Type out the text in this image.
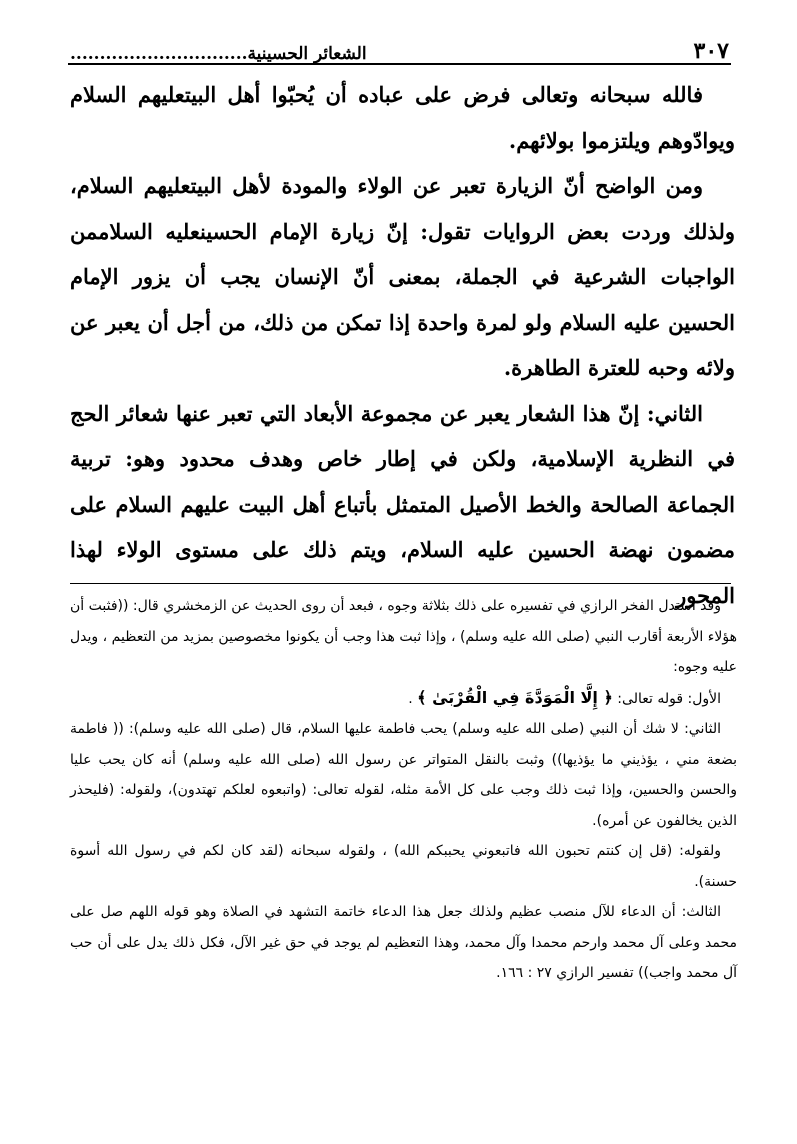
٣٠٧
الشعائر الحسينية..............................

فالله سبحانه وتعالى فرض على عباده أن يُحبّوا أهل البيتعليهم السلام ويوادّوهم ويلتزموا بولائهم.

ومن الواضح أنّ الزيارة تعبر عن الولاء والمودة لأهل البيتعليهم السلام، ولذلك وردت بعض الروايات تقول: إنّ زيارة الإمام الحسينعليه السلاممن الواجبات الشرعية في الجملة، بمعنى أنّ الإنسان يجب أن يزور الإمام الحسين عليه السلام ولو لمرة واحدة إذا تمكن من ذلك، من أجل أن يعبر عن ولائه وحبه للعترة الطاهرة.

الثاني: إنّ هذا الشعار يعبر عن مجموعة الأبعاد التي تعبر عنها شعائر الحج في النظرية الإسلامية، ولكن في إطار خاص وهدف محدود وهو: تربية الجماعة الصالحة والخط الأصيل المتمثل بأتباع أهل البيت عليهم السلام على مضمون نهضة الحسين عليه السلام، ويتم ذلك على مستوى الولاء لهذا المحور

وقد استدل الفخر الرازي في تفسيره على ذلك بثلاثة وجوه ، فبعد أن روى الحديث عن الزمخشري قال: ((فثبت أن هؤلاء الأربعة أقارب النبي (صلى الله عليه وسلم) ، وإذا ثبت هذا وجب أن يكونوا مخصوصين بمزيد من التعظيم ، ويدل عليه وجوه:

الأول: قوله تعالى: ﴿ إِلَّا الْمَوَدَّةَ فِي الْقُرْبَىٰ ﴾ .

الثاني: لا شك أن النبي (صلى الله عليه وسلم) يحب فاطمة عليها السلام، قال (صلى الله عليه وسلم): (( فاطمة بضعة مني ، يؤذيني ما يؤذيها)) وثبت بالنقل المتواتر عن رسول الله (صلى الله عليه وسلم) أنه كان يحب عليا والحسن والحسين، وإذا ثبت ذلك وجب على كل الأمة مثله، لقوله تعالى: (واتبعوه لعلكم تهتدون)، ولقوله: (فليحذر الذين يخالفون عن أمره).

ولقوله: (قل إن كنتم تحبون الله فاتبعوني يحببكم الله) ، ولقوله سبحانه (لقد كان لكم في رسول الله أسوة حسنة).

الثالث: أن الدعاء للآل منصب عظيم ولذلك جعل هذا الدعاء خاتمة التشهد في الصلاة وهو قوله اللهم صل على محمد وعلى آل محمد وارحم محمدا وآل محمد، وهذا التعظيم لم يوجد في حق غير الآل، فكل ذلك يدل على أن حب آل محمد واجب)) تفسير الرازي ٢٧ : ١٦٦.
